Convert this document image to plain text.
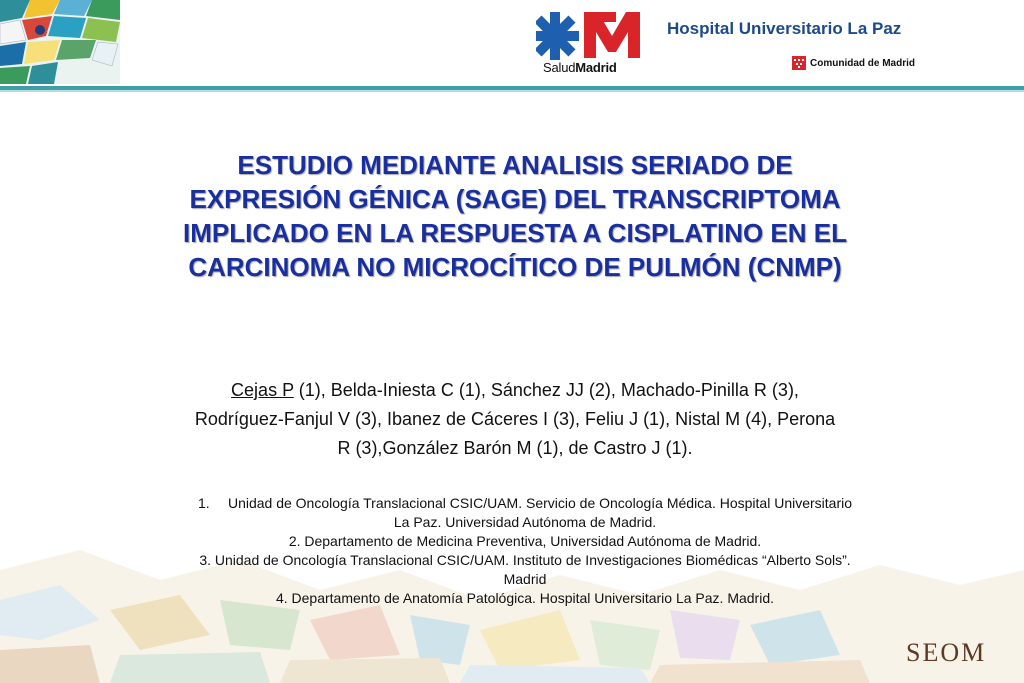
SaludMadrid
Hospital Universitario La Paz
Comunidad de Madrid
ESTUDIO MEDIANTE ANALISIS SERIADO DE
EXPRESIÓN GÉNICA (SAGE) DEL TRANSCRIPTOMA
IMPLICADO EN LA RESPUESTA A CISPLATINO EN EL
CARCINOMA NO MICROCÍTICO DE PULMÓN (CNMP)
Cejas P (1), Belda-Iniesta C (1), Sánchez JJ (2), Machado-Pinilla R (3),
Rodríguez-Fanjul V (3), Ibanez de Cáceres I (3), Feliu J (1), Nistal M (4), Perona
R (3),González Barón M (1), de Castro J (1).
1. Unidad de Oncología Translacional CSIC/UAM. Servicio de Oncología Médica. Hospital Universitario
La Paz. Universidad Autónoma de Madrid.
2. Departamento de Medicina Preventiva, Universidad Autónoma de Madrid.
3. Unidad de Oncología Translacional CSIC/UAM. Instituto de Investigaciones Biomédicas “Alberto Sols”.
Madrid
4. Departamento de Anatomía Patológica. Hospital Universitario La Paz. Madrid.
SEOM
